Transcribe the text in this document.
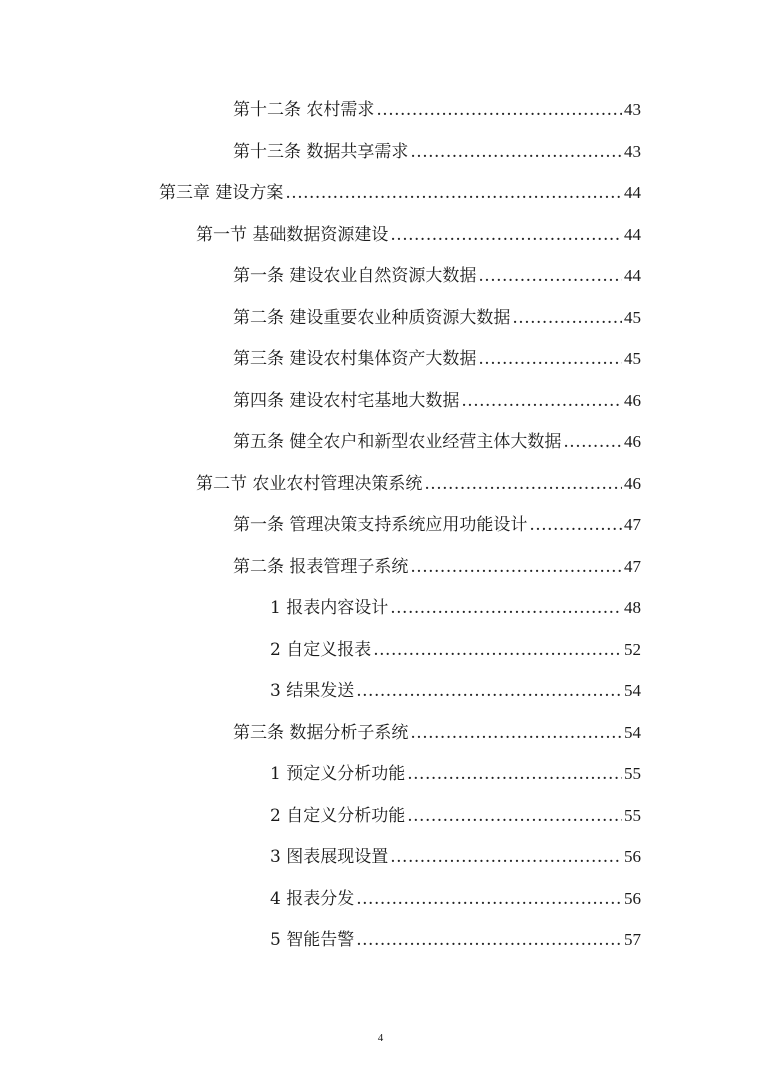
第十二条 农村需求 .....	43
第十三条 数据共享需求 .....	43
第三章 建设方案 .....	44
第一节 基础数据资源建设 .....	44
第一条 建设农业自然资源大数据 .....	44
第二条 建设重要农业种质资源大数据 .....	45
第三条 建设农村集体资产大数据 .....	45
第四条 建设农村宅基地大数据 .....	46
第五条 健全农户和新型农业经营主体大数据 .....	46
第二节 农业农村管理决策系统 .....	46
第一条 管理决策支持系统应用功能设计 .....	47
第二条 报表管理子系统 .....	47
1 报表内容设计 .....	48
2 自定义报表 .....	52
3 结果发送 .....	54
第三条 数据分析子系统 .....	54
1 预定义分析功能 .....	55
2 自定义分析功能 .....	55
3 图表展现设置 .....	56
4 报表分发 .....	56
5 智能告警 .....	57
4
